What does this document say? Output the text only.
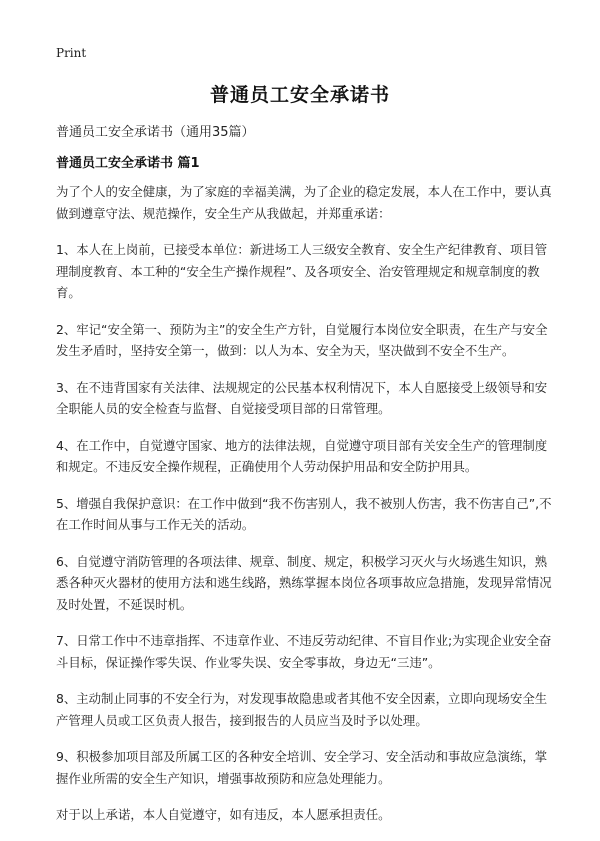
Print
普通员工安全承诺书
普通员工安全承诺书（通用35篇）
普通员工安全承诺书 篇1

为了个人的安全健康，为了家庭的幸福美满，为了企业的稳定发展，本人在工作中，要认真做到遵章守法、规范操作，安全生产从我做起，并郑重承诺：

1、本人在上岗前，已接受本单位：新进场工人三级安全教育、安全生产纪律教育、项目管理制度教育、本工种的“安全生产操作规程”、及各项安全、治安管理规定和规章制度的教育。

2、牢记“安全第一、预防为主”的安全生产方针，自觉履行本岗位安全职责，在生产与安全发生矛盾时，坚持安全第一，做到：以人为本、安全为天，坚决做到不安全不生产。

3、在不违背国家有关法律、法规规定的公民基本权利情况下，本人自愿接受上级领导和安全职能人员的安全检查与监督、自觉接受项目部的日常管理。

4、在工作中，自觉遵守国家、地方的法律法规，自觉遵守项目部有关安全生产的管理制度和规定。不违反安全操作规程，正确使用个人劳动保护用品和安全防护用具。

5、增强自我保护意识：在工作中做到“我不伤害别人，我不被别人伤害，我不伤害自己”,不在工作时间从事与工作无关的活动。

6、自觉遵守消防管理的各项法律、规章、制度、规定，积极学习灭火与火场逃生知识，熟悉各种灭火器材的使用方法和逃生线路，熟练掌握本岗位各项事故应急措施，发现异常情况及时处置，不延误时机。

7、日常工作中不违章指挥、不违章作业、不违反劳动纪律、不盲目作业;为实现企业安全奋斗目标，保证操作零失误、作业零失误、安全零事故，身边无“三违”。

8、主动制止同事的不安全行为，对发现事故隐患或者其他不安全因素，立即向现场安全生产管理人员或工区负责人报告，接到报告的人员应当及时予以处理。

9、积极参加项目部及所属工区的各种安全培训、安全学习、安全活动和事故应急演练，掌握作业所需的安全生产知识，增强事故预防和应急处理能力。

对于以上承诺，本人自觉遵守，如有违反，本人愿承担责任。
